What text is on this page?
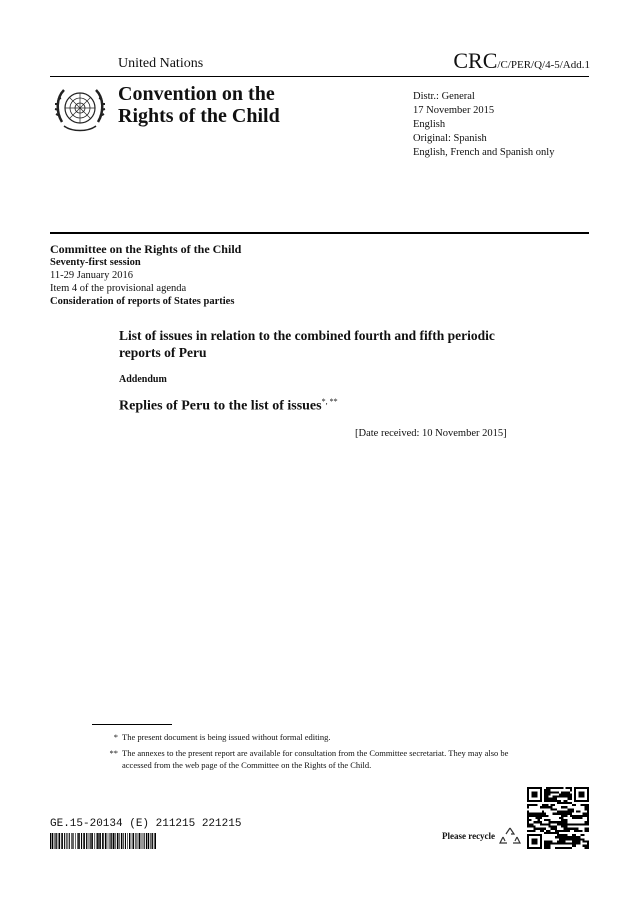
United Nations	CRC/C/PER/Q/4-5/Add.1
Convention on the
Rights of the Child
Distr.: General
17 November 2015
English
Original: Spanish
English, French and Spanish only
Committee on the Rights of the Child
Seventy-first session
11-29 January 2016
Item 4 of the provisional agenda
Consideration of reports of States parties
List of issues in relation to the combined fourth and fifth periodic reports of Peru
Addendum
Replies of Peru to the list of issues*, **
[Date received: 10 November 2015]
* The present document is being issued without formal editing.
** The annexes to the present report are available for consultation from the Committee secretariat. They may also be accessed from the web page of the Committee on the Rights of the Child.
GE.15-20134 (E) 211215 221215
Please recycle
